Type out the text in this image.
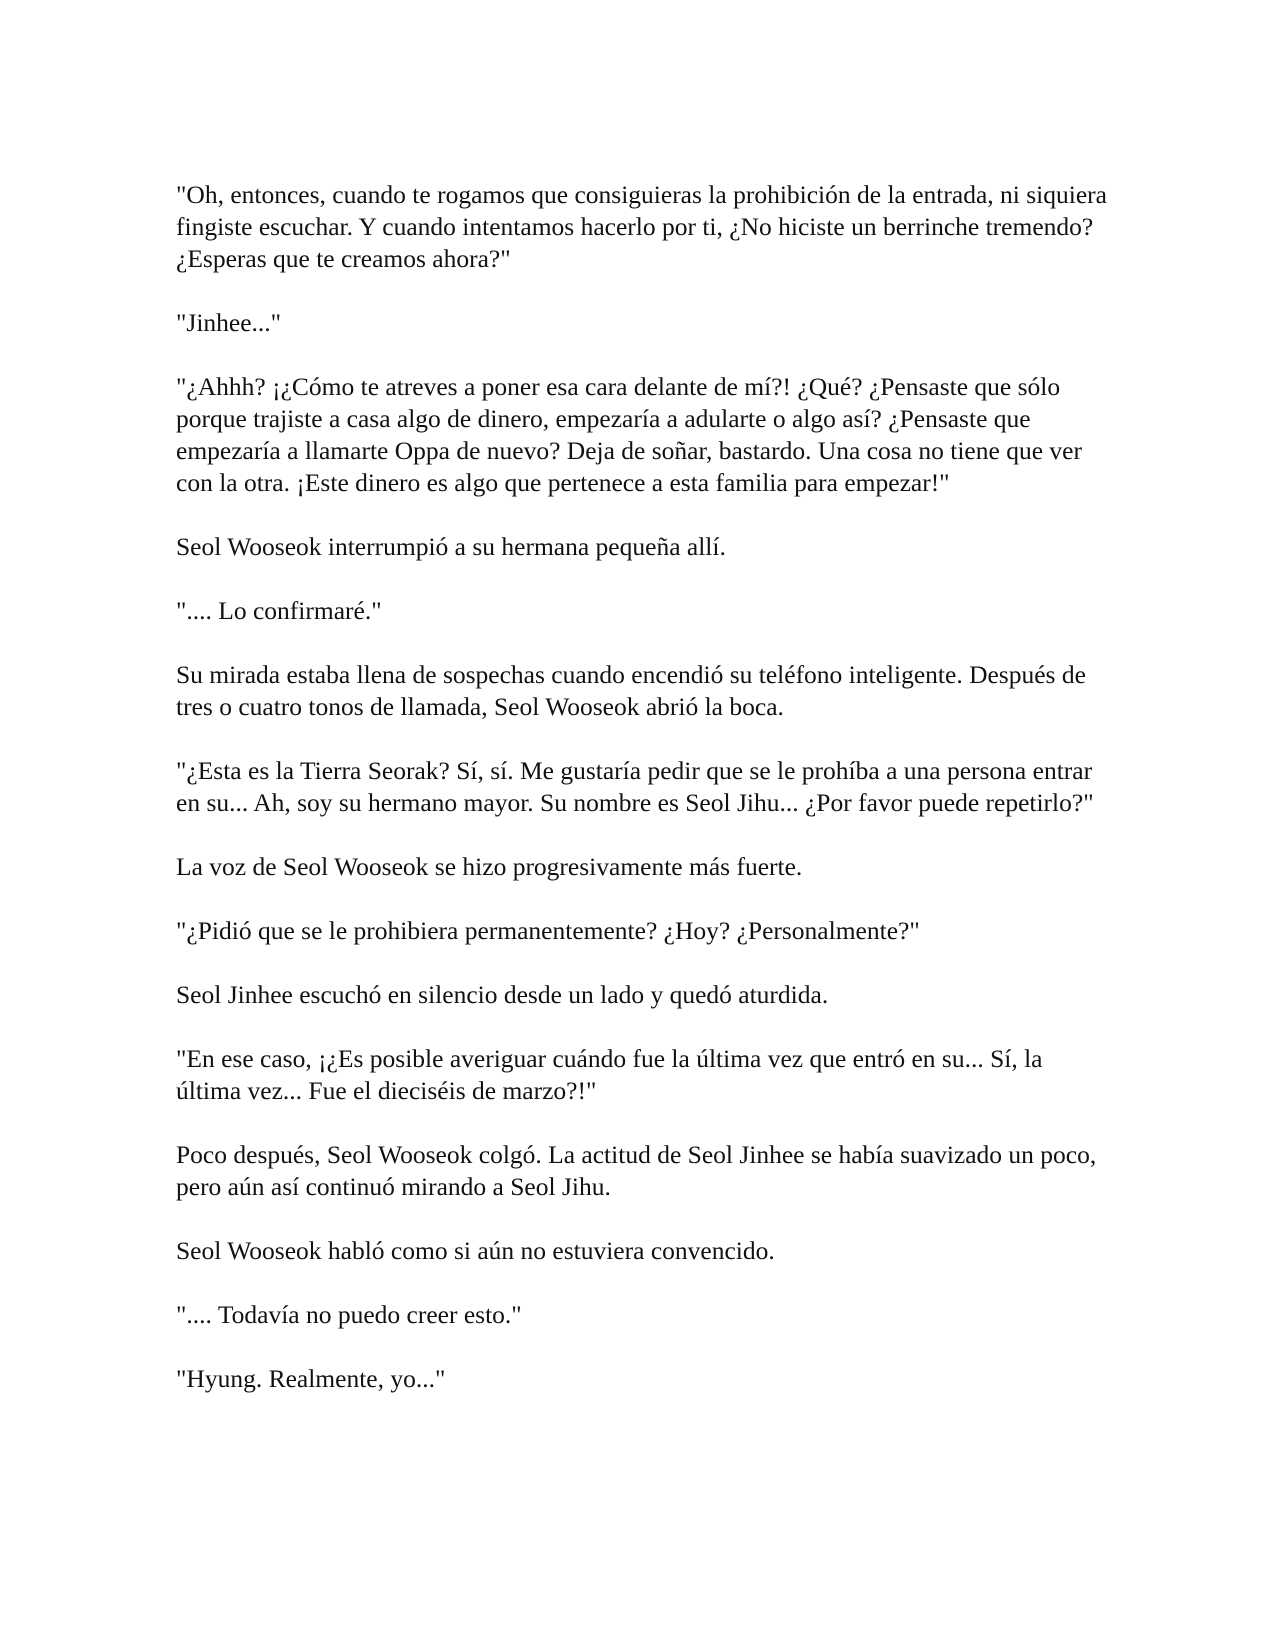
"Oh, entonces, cuando te rogamos que consiguieras la prohibición de la entrada, ni siquiera fingiste escuchar. Y cuando intentamos hacerlo por ti, ¿No hiciste un berrinche tremendo? ¿Esperas que te creamos ahora?"

"Jinhee..."

"¿Ahhh? ¡¿Cómo te atreves a poner esa cara delante de mí?! ¿Qué? ¿Pensaste que sólo porque trajiste a casa algo de dinero, empezaría a adularte o algo así? ¿Pensaste que empezaría a llamarte Oppa de nuevo? Deja de soñar, bastardo. Una cosa no tiene que ver con la otra. ¡Este dinero es algo que pertenece a esta familia para empezar!"

Seol Wooseok interrumpió a su hermana pequeña allí.

".... Lo confirmaré."

Su mirada estaba llena de sospechas cuando encendió su teléfono inteligente. Después de tres o cuatro tonos de llamada, Seol Wooseok abrió la boca.

"¿Esta es la Tierra Seorak? Sí, sí. Me gustaría pedir que se le prohíba a una persona entrar en su... Ah, soy su hermano mayor. Su nombre es Seol Jihu... ¿Por favor puede repetirlo?"

La voz de Seol Wooseok se hizo progresivamente más fuerte.

"¿Pidió que se le prohibiera permanentemente? ¿Hoy? ¿Personalmente?"

Seol Jinhee escuchó en silencio desde un lado y quedó aturdida.

"En ese caso, ¡¿Es posible averiguar cuándo fue la última vez que entró en su... Sí, la última vez... Fue el dieciséis de marzo?!"

Poco después, Seol Wooseok colgó. La actitud de Seol Jinhee se había suavizado un poco, pero aún así continuó mirando a Seol Jihu.

Seol Wooseok habló como si aún no estuviera convencido.

".... Todavía no puedo creer esto."

"Hyung. Realmente, yo..."
